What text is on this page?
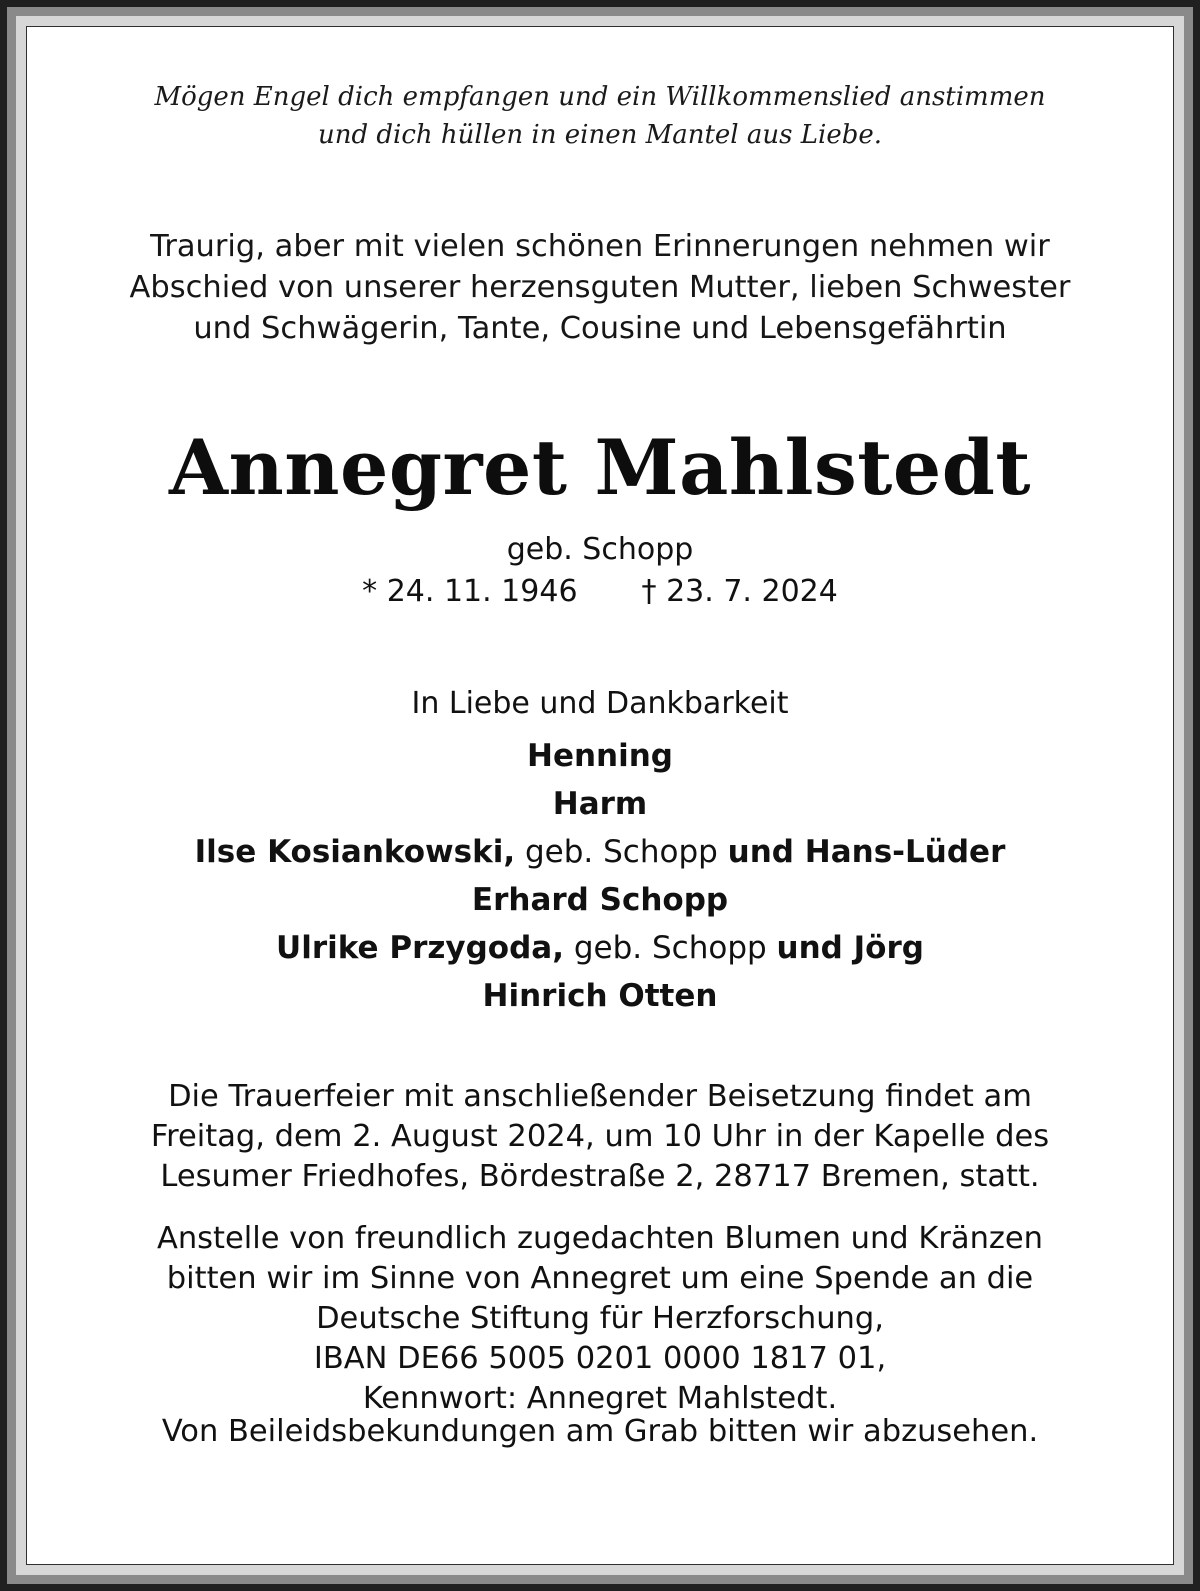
Mögen Engel dich empfangen und ein Willkommenslied anstimmen
und dich hüllen in einen Mantel aus Liebe.
Traurig, aber mit vielen schönen Erinnerungen nehmen wir
Abschied von unserer herzensguten Mutter, lieben Schwester
und Schwägerin, Tante, Cousine und Lebensgefährtin
Annegret Mahlstedt
geb. Schopp
* 24. 11. 1946 † 23. 7. 2024
In Liebe und Dankbarkeit
Henning
Harm
Ilse Kosiankowski, geb. Schopp und Hans-Lüder
Erhard Schopp
Ulrike Przygoda, geb. Schopp und Jörg
Hinrich Otten
Die Trauerfeier mit anschließender Beisetzung findet am
Freitag, dem 2. August 2024, um 10 Uhr in der Kapelle des
Lesumer Friedhofes, Bördestraße 2, 28717 Bremen, statt.
Anstelle von freundlich zugedachten Blumen und Kränzen
bitten wir im Sinne von Annegret um eine Spende an die
Deutsche Stiftung für Herzforschung,
IBAN DE66 5005 0201 0000 1817 01,
Kennwort: Annegret Mahlstedt.
Von Beileidsbekundungen am Grab bitten wir abzusehen.
